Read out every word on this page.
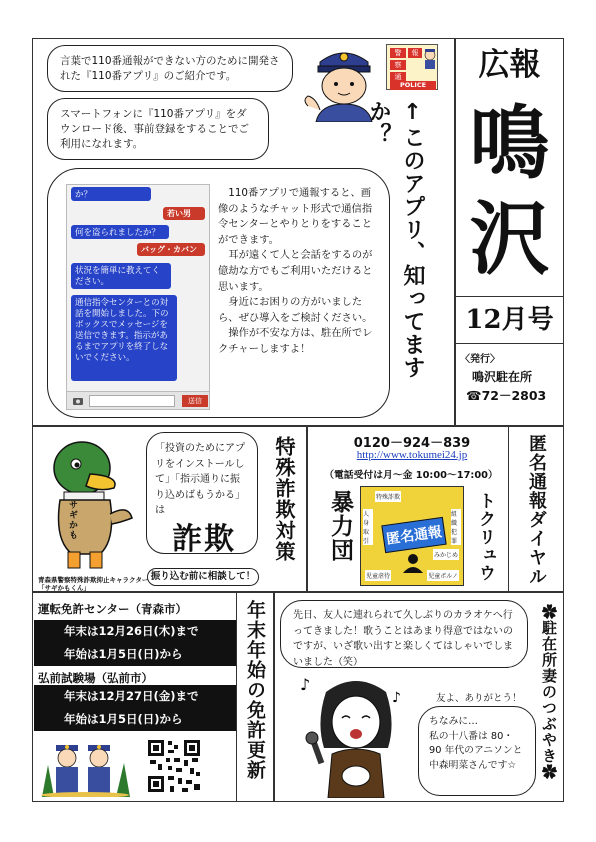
言葉で110番通報ができない方のために開発された『110番アプリ』のご紹介です。
スマートフォンに『110番アプリ』をダウンロード後、事前登録をすることでご利用になれます。
警
察
通
報
POLICE
か？
若い男
何を盗られましたか？
バッグ・カバン
状況を簡単に教えてください。
通信指令センターとの対話を開始しました。下のボックスでメッセージを送信できます。指示があるまでアプリを終了しないでください。
送信
　110番アプリで通報すると、画像のようなチャット形式で通信指令センターとやりとりをすることができます。
　耳が遠くて人と会話をするのが億劫な方でもご利用いただけると思います。
　身近にお困りの方がいましたら、ぜひ導入をご検討ください。
　操作が不安な方は、駐在所でレクチャーしますよ！	↑このアプリ、知ってますか？
広報
鳴
沢
12月号
〈発行〉
鳴沢駐在所
☎72－2803
サギかも
青森県警察特殊詐欺抑止キャラクター「サギかもくん」
「投資のためにアプリをインストールして」「指示通りに振り込めばもうかる」は
詐欺
振り込む前に相談して！
特殊詐欺対策	0120－924－839
http://www.tokumei24.jp
（電話受付は月～金 10:00～17:00）
暴力団	特殊詐欺
人身取引
組織犯罪
匿名通報
児童虐待
みかじめ
児童ポルノ トクリュウ	匿名通報ダイヤル
運転免許センター（青森市）
年末は12月26日(木)まで
年始は1月5日(日)から
弘前試験場（弘前市）
年末は12月27日(金)まで
年始は1月5日(日)から	年末年始の免許更新	先日、友人に連れられて久しぶりのカラオケへ行ってきました！歌うことはあまり得意ではないのですが、いざ歌い出すと楽しくてはしゃいでしまいました（笑）
友よ、ありがとう！
♪
♪
ちなみに…
私の十八番は 80・90 年代のアニソンと中森明菜さんです☆	✿駐在所妻のつぶやき✿
